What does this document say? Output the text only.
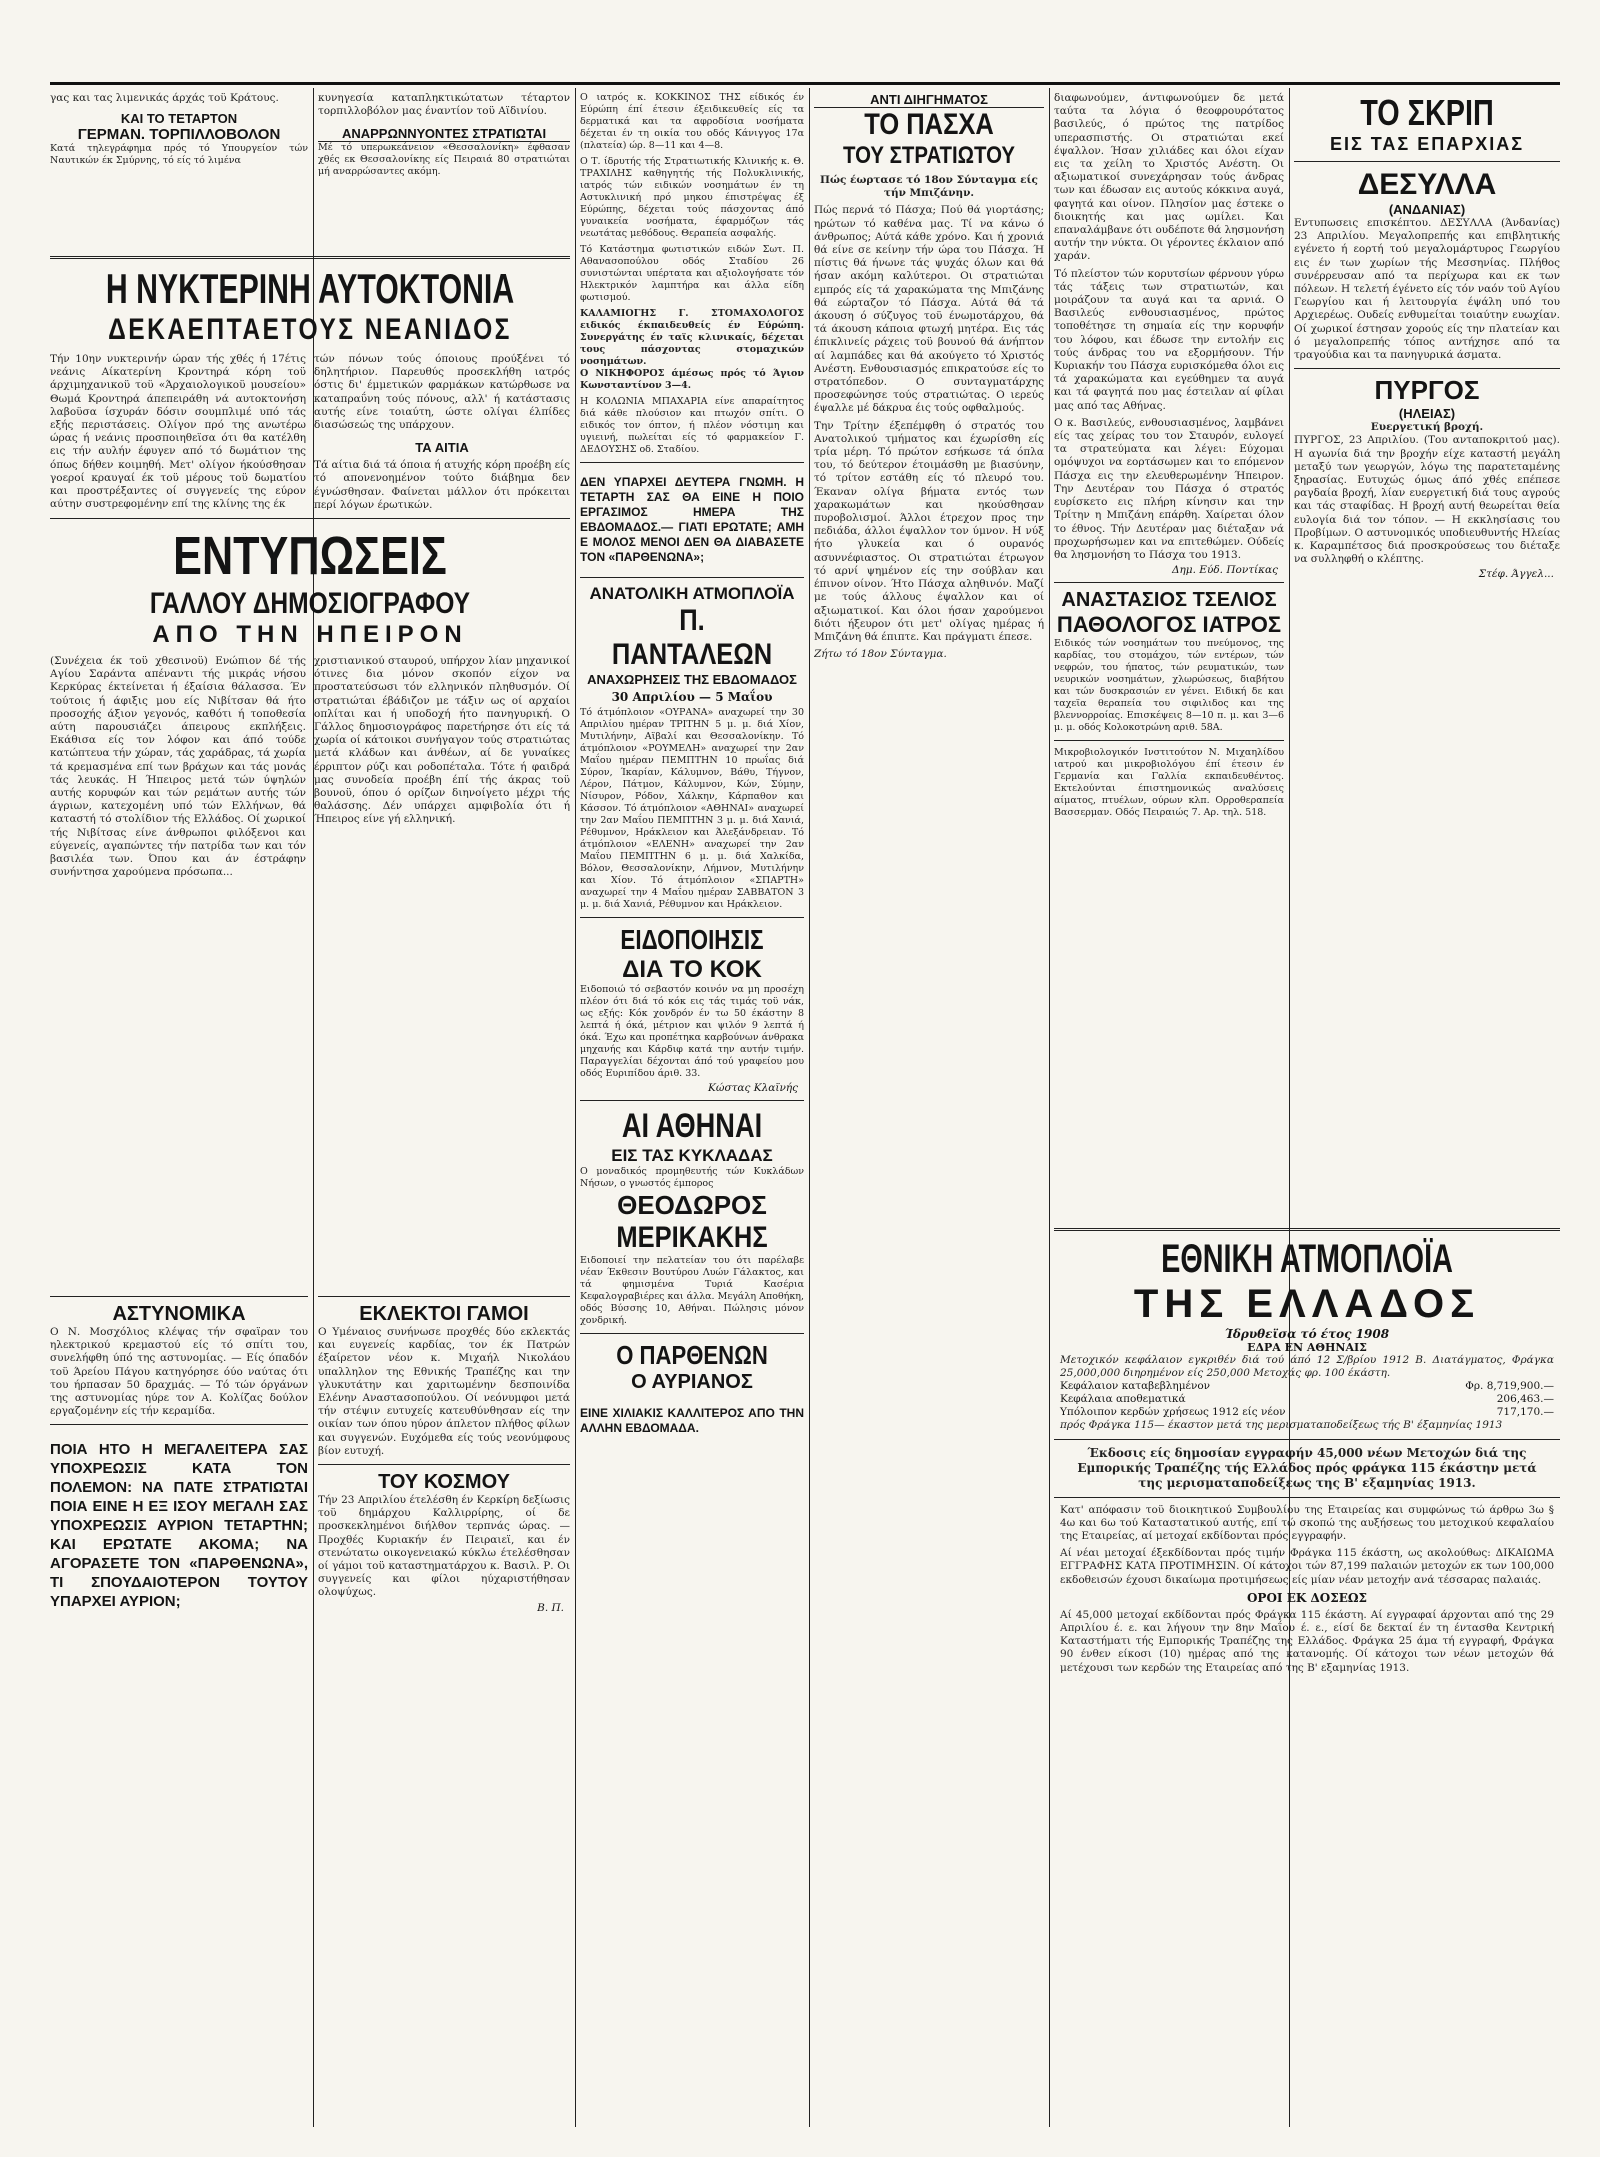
γας και τας λιμενικάς άρχάς τοϋ Κράτους.

ΚΑΙ ΤΟ ΤΕΤΑΡΤΟΝ
ΓΕΡΜΑΝ. ΤΟΡΠΙΛΛΟΒΟΛΟΝ

Κατά τηλεγράφημα πρός τό Υπουργείον τών Ναυτικών έκ Σμύρνης, τό είς τό λιμένα

κυνηγεσία καταπληκτικώτατων τέταρτον τορπιλλοβόλον μας έναντίον τοϋ Αϊδινίου.

ΑΝΑΡΡΩΝΝΥΟΝΤΕΣ ΣΤΡΑΤΙΩΤΑΙ

Μέ τό υπερωκεάνειον «Θεσσαλονίκη» έφθασαν χθές εκ Θεσσαλονίκης είς Πειραιά 80 στρατιώται μή αναρρώσαντες ακόμη.

Η ΝΥΚΤΕΡΙΝΗ ΑΥΤΟΚΤΟΝΙΑ
ΔΕΚΑΕΠΤΑΕΤΟΥΣ ΝΕΑΝΙΔΟΣ

Τήν 10ην νυκτερινήν ώραν τής χθές ή 17έτις νεάνις Αίκατερίνη Κροντηρά κόρη τοϋ άρχιμηχανικοϋ τοϋ «Άρχαιολογικοϋ μουσείου» Θωμά Κροντηρά άπεπειράθη νά αυτοκτονήση λαβοϋσα ίσχυράν δόσιν σουμπλιμέ υπό τάς εξής περιστάσεις. Ολίγον πρό της ανωτέρω ώρας ή νεάνις προσποιηθεϊσα ότι θα κατέλθη εις τήν αυλήν έφυγεν από τό δωμάτιον της όπως δήθεν κοιμηθή. Μετ' ολίγον ήκούσθησαν γοεροί κραυγαί έκ τοϋ μέρους τοϋ δωματίου και προστρέξαντες οί συγγενείς της εύρον αύτην συστρεφομένην επί της κλίνης της έκ

τών πόνων τούς όποιους προύξένει τό δηλητήριον. Παρευθύς προσεκλήθη ιατρός όστις δι' έμμετικών φαρμάκων κατώρθωσε να καταπραΰνη τούς πόνους, αλλ' ή κατάστασις αυτής είνε τοιαύτη, ώστε ολίγαι έλπίδες διασώσεώς της υπάρχουν.

ΤΑ ΑΙΤΙΑ

Τά αίτια διά τά όποια ή ατυχής κόρη προέβη είς τό απονενοημένον τούτο διάβημα δεν έγνώσθησαν. Φαίνεται μάλλον ότι πρόκειται περί λόγων έρωτικών.

ΕΝΤΥΠΩΣΕΙΣ
ΓΑΛΛΟΥ ΔΗΜΟΣΙΟΓΡΑΦΟΥ
ΑΠΟ ΤΗΝ ΗΠΕΙΡΟΝ

(Συνέχεια έκ τοϋ χθεσινοϋ) Ενώπιον δέ τής Αγίου Σαράντα απέναντι τής μικράς νήσου Κερκύρας έκτείνεται ή έξαίσια θάλασσα. Έν τούτοις ή άφιξις μου είς Νιβίτσαν θά ήτο προσοχής άξιον γεγονός, καθότι ή τοποθεσία αύτη παρουσιάζει άπειρους εκπλήξεις. Εκάθισα είς τον λόφον και άπό τούδε κατώπτευα τήν χώραν, τάς χαράδρας, τά χωρία τά κρεμασμένα επί των βράχων και τάς μονάς τάς λευκάς. Η Ήπειρος μετά τών ύψηλών αυτής κορυφών και τών ρεμάτων αυτής τών άγριων, κατεχομένη υπό τών Ελλήνων, θά καταστή τό στολίδιον τής Ελλάδος. Οί χωρικοί τής Νιβίτσας είνε άνθρωποι φιλόξενοι και εύγενείς, αγαπώντες τήν πατρίδα των και τόν βασιλέα των. Όπου και άν έστράφην συνήντησα χαρούμενα πρόσωπα...

χριστιανικού σταυρού, υπήρχον λίαν μηχανικοί ότινες δια μόνον σκοπόν είχον να προστατεύσωσι τόν ελληνικόν πληθυσμόν. Οί στρατιώται έβάδιζον με τάξιν ως οί αρχαίοι οπλίται και ή υποδοχή ήτο πανηγυρική. Ο Γάλλος δημοσιογράφος παρετήρησε ότι είς τά χωρία οί κάτοικοι συνήγαγον τούς στρατιώτας μετά κλάδων και άνθέων, αί δε γυναίκες έρριπτον ρύζι και ροδοπέταλα. Τότε ή φαιδρά μας συνοδεία προέβη έπί τής άκρας τοϋ βουνοϋ, όπου ό ορίζων διηνοίγετο μέχρι τής θαλάσσης. Δέν υπάρχει αμφιβολία ότι ή Ήπειρος είνε γή ελληνική.

ΑΣΤΥΝΟΜΙΚΑ

Ο Ν. Μοσχόλιος κλέψας τήν σφαϊραν του ηλεκτρικού κρεμαστού είς τό σπίτι του, συνελήφθη ύπό της αστυνομίας. — Είς όπαδόν τοϋ Άρείου Πάγου κατηγόρησε όύο ναύτας ότι του ήρπασαν 50 δραχμάς. — Τό τών όργάνων της αστυνομίας ηύρε τον Α. Κολίζας δούλον εργαζομένην είς τήν κεραμίδα.

ΠΟΙΑ ΗΤΟ Η ΜΕΓΑΛΕΙΤΕΡΑ ΣΑΣ ΥΠΟΧΡΕΩΣΙΣ ΚΑΤΑ ΤΟΝ ΠΟΛΕΜΟΝ: ΝΑ ΠΑΤΕ ΣΤΡΑΤΙΩΤΑΙ ΠΟΙΑ ΕΙΝΕ Η ΕΞ ΙΣΟΥ ΜΕΓΑΛΗ ΣΑΣ ΥΠΟΧΡΕΩΣΙΣ ΑΥΡΙΟΝ ΤΕΤΑΡΤΗΝ; ΚΑΙ ΕΡΩΤΑΤΕ ΑΚΟΜΑ; ΝΑ ΑΓΟΡΑΣΕΤΕ ΤΟΝ «ΠΑΡΘΕΝΩΝΑ», ΤΙ ΣΠΟΥΔΑΙΟΤΕΡΟΝ ΤΟΥΤΟΥ ΥΠΑΡΧΕΙ ΑΥΡΙΟΝ;

ΕΚΛΕΚΤΟΙ ΓΑΜΟΙ

Ο Υμέναιος συνήνωσε προχθές δύο εκλεκτάς και ευγενείς καρδίας, τον έκ Πατρών έξαίρετον νέον κ. Μιχαήλ Νικολάου υπαλληλον της Εθνικής Τραπέζης και την γλυκυτάτην και χαριτωμένην δεσποινίδα Ελένην Αναστασοπούλου. Οί νεόνυμφοι μετά τήν στέψιν ευτυχείς κατευθύνθησαν είς την οικίαν των όπου ηύρον άπλετον πλήθος φίλων και συγγενών. Ευχόμεθα είς τούς νεονύμφους βίον ευτυχή.

ΤΟΥ ΚΟΣΜΟΥ

Τήν 23 Απριλίου έτελέσθη έν Κερκίρη δεξίωσις τοϋ δημάρχου Καλλιρρίρης, οί δε προσκεκλημένοι διήλθον τερπνάς ώρας. — Προχθές Κυριακήν έν Πειραιεϊ, και έν στενώτατω οικογενειακώ κύκλω έτελέσθησαν οί γάμοι τοϋ καταστηματάρχου κ. Βασιλ. Ρ. Οι συγγενείς και φίλοι ηύχαριστήθησαν ολοψύχως.

Β. Π.

Ο ιατρός κ. ΚΟΚΚΙΝΟΣ ΤΗΣ είδικός έν Εύρώπη έπί έτεσιν έξειδικευθείς είς τα δερματικά και τα αφροδίσια νοσήματα δέχεται έν τη οικία του οδός Κάνιγγος 17α (πλατεία) ώρ. 8—11 και 4—8.

Ο Τ. ίδρυτής τής Στρατιωτικής Κλινικής κ. Θ. ΤΡΑΧΙΛΗΣ καθηγητής τής Πολυκλινικής, ιατρός τών ειδικών νοσημάτων έν τη Αστυκλινική πρό μηκου έπιστρέψας έξ Εύρώπης, δέχεται τούς πάσχοντας άπό γυναικεία νοσήματα, έφαρμόζων τάς νεωτάτας μεθόδους. Θεραπεία ασφαλής.

Τό Κατάστημα φωτιστικών ειδών Σωτ. Π. Αθανασοπούλου οδός Σταδίου 26 συνιστώνται υπέρτατα και αξιολογήσατε τόν Ηλεκτρικόν λαμπτήρα και άλλα είδη φωτισμού.

ΚΑΛΑΜΙΟΓΗΣ Γ. ΣΤΟΜΑΧΟΛΟΓΟΣ ειδικός έκπαιδευθείς έν Εύρώπη. Συνεργάτης έν ταϊς κλινικαίς, δέχεται τους πάσχοντας στομαχικών νοσημάτων.

Ο ΝΙΚΗΦΟΡΟΣ άμέσως πρός τό Άγιον Κωνσταντίνον 3—4.

Η ΚΟΛΩΝΙΑ ΜΠΑΧΑΡΙΑ είνε απαραίτητος διά κάθε πλούσιον και πτωχόν σπίτι. Ο ειδικός τον όπτον, ή πλέον νόστιμη και υγιεινή, πωλείται είς τό φαρμακείον Γ. ΔΕΔΟΥΣΗΣ οδ. Σταδίου.

ΔΕΝ ΥΠΑΡΧΕΙ ΔΕΥΤΕΡΑ ΓΝΩΜΗ. Η ΤΕΤΑΡΤΗ ΣΑΣ ΘΑ ΕΙΝΕ Η ΠΟΙΟ ΕΡΓΑΣΙΜΟΣ ΗΜΕΡΑ ΤΗΣ ΕΒΔΟΜΑΔΟΣ.— ΓΙΑΤΙ ΕΡΩΤΑΤΕ; ΑΜΗ Ε ΜΟΛΟΣ ΜΕΝΟΙ ΔΕΝ ΘΑ ΔΙΑΒΑΣΕΤΕ ΤΟΝ «ΠΑΡΘΕΝΩΝΑ»;

ΑΝΑΤΟΛΙΚΗ ΑΤΜΟΠΛΟΪΑ
Π. ΠΑΝΤΑΛΕΩΝ
ΑΝΑΧΩΡΗΣΕΙΣ ΤΗΣ ΕΒΔΟΜΑΔΟΣ
30 Απριλίου — 5 Μαΐου

Τό άτμόπλοιον «ΟΥΡΑΝΑ» αναχωρεί την 30 Απριλίου ημέραν ΤΡΙΤΗΝ 5 μ. μ. διά Χίον, Μυτιλήνην, Αϊβαλί και Θεσσαλονίκην. Τό άτμόπλοιον «ΡΟΥΜΕΛΗ» αναχωρεί την 2αν Μαΐου ημέραν ΠΕΜΠΤΗΝ 10 πρωΐας διά Σύρον, Ίκαρίαν, Κάλυμνον, Βάθυ, Τήγνον, Λέρον, Πάτμον, Κάλυμνον, Κών, Σύμην, Νίσυρον, Ρόδον, Χάλκην, Κάρπαθον και Κάσσον. Τό άτμόπλοιον «ΑΘΗΝΑΙ» αναχωρεί την 2αν Μαΐου ΠΕΜΠΤΗΝ 3 μ. μ. διά Χανιά, Ρέθυμνον, Ηράκλειον και Άλεξάνδρειαν. Τό άτμόπλοιον «ΕΛΕΝΗ» αναχωρεί την 2αν Μαΐου ΠΕΜΠΤΗΝ 6 μ. μ. διά Χαλκίδα, Βόλον, Θεσσαλονίκην, Λήμνον, Μυτιλήνην και Χίον. Τό άτμόπλοιον «ΣΠΑΡΤΗ» αναχωρεί την 4 Μαΐου ημέραν ΣΑΒΒΑΤΟΝ 3 μ. μ. διά Χανιά, Ρέθυμνον και Ηράκλειον.

ΕΙΔΟΠΟΙΗΣΙΣ
ΔΙΑ ΤΟ ΚΟΚ

Ειδοποιώ τό σεβαστόν κοινόν να μη προσέχη πλέον ότι διά τό κόκ εις τάς τιμάς τοϋ νάκ, ως εξής: Κόκ χονδρόν έν τω 50 έκάστην 8 λεπτά ή όκά, μέτριον και ψιλόν 9 λεπτά ή όκά. Έχω και προπέτηκα καρβούνων άνθρακα μηχανής και Κάρδιφ κατά την αυτήν τιμήν. Παραγγελίαι δέχονται άπό τού γραφείου μου οδός Ευριπίδου άριθ. 33.

Κώστας Κλαϊνής
ΑΙ ΑΘΗΝΑΙ
ΕΙΣ ΤΑΣ ΚΥΚΛΑΔΑΣ

Ο μοναδικός προμηθευτής τών Κυκλάδων Νήσων, ο γνωστός έμπορος

ΘΕΟΔΩΡΟΣ
ΜΕΡΙΚΑΚΗΣ

Ειδοποιεί την πελατείαν του ότι παρέλαβε νέαν Έκθεσιν Βουτύρου Λυών Γάλακτος, και τά φημισμένα Τυριά Κασέρια Κεφαλογραβιέρες και άλλα. Μεγάλη Αποθήκη, οδός Βύσσης 10, Αθήναι. Πώλησις μόνον χονδρική.

Ο ΠΑΡΘΕΝΩΝ
Ο ΑΥΡΙΑΝΟΣ

ΕΙΝΕ ΧΙΛΙΑΚΙΣ ΚΑΛΛΙΤΕΡΟΣ ΑΠΟ ΤΗΝ ΑΛΛΗΝ ΕΒΔΟΜΑΔΑ.

ΑΝΤΙ ΔΙΗΓΗΜΑΤΟΣ
ΤΟ ΠΑΣΧΑ
ΤΟΥ ΣΤΡΑΤΙΩΤΟΥ

Πώς έωρτασε τό 18ον Σύνταγμα είς τήν Μπιζάνην.

Πώς περνά τό Πάσχα; Πού θά γιορτάσης; ηρώτων τό καθένα μας. Τί να κάνω ό άνθρωπος; Αύτά κάθε χρόνο. Και ή χρονιά θά είνε σε κείνην τήν ώρα του Πάσχα. Ή πίστις θά ήνωνε τάς ψυχάς όλων και θά ήσαν ακόμη καλύτεροι. Οι στρατιώται εμπρός είς τά χαρακώματα της Μπιζάνης θά εώρταζον τό Πάσχα. Αύτά θά τά άκουση ό σύζυγος τοϋ ένωμοτάρχου, θά τά άκουση κάποια φτωχή μητέρα. Εις τάς έπικλινείς ράχεις τοϋ βουνού θά άνήπτον αί λαμπάδες και θά ακούγετο τό Χριστός Ανέστη. Ενθουσιασμός επικρατούσε είς το στρατόπεδον. Ο συνταγματάρχης προσεφώνησε τούς στρατιώτας. Ο ιερεύς έψαλλε μέ δάκρυα έις τούς οφθαλμούς.

Την Τρίτην έξεπέμφθη ό στρατός του Ανατολικού τμήματος και έχωρίσθη είς τρία μέρη. Τό πρώτον εσήκωσε τά όπλα του, τό δεύτερον έτοιμάσθη με βιασύνην, τό τρίτον εστάθη είς τό πλευρό του. Έκαναν ολίγα βήματα εντός των χαρακωμάτων και ηκούσθησαν πυροβολισμοί. Άλλοι έτρεχον προς την πεδιάδα, άλλοι έψαλλον τον ύμνον. Η νύξ ήτο γλυκεία και ό ουρανός ασυννέφιαστος. Οι στρατιώται έτρωγον τό αρνί ψημένον είς την σούβλαν και έπινον οίνον. Ήτο Πάσχα αληθινόν. Μαζί με τούς άλλους έψαλλον και οί αξιωματικοί. Και όλοι ήσαν χαρούμενοι διότι ήξευρον ότι μετ' ολίγας ημέρας ή Μπιζάνη θά έπιπτε. Και πράγματι έπεσε.

Ζήτω τό 18ον Σύνταγμα.

διαφωνούμεν, άντιφωνούμεν δε μετά ταύτα τα λόγια ό θεοφρουρότατος βασιλεύς, ό πρώτος της πατρίδος υπερασπιστής. Οι στρατιώται εκεί έψαλλον. Ήσαν χιλιάδες και όλοι είχαν εις τα χείλη το Χριστός Ανέστη. Οι αξιωματικοί συνεχάρησαν τούς άνδρας των και έδωσαν εις αυτούς κόκκινα αυγά, φαγητά και οίνον. Πλησίον μας έστεκε ο διοικητής και μας ωμίλει. Και επαναλάμβανε ότι ουδέποτε θά λησμονήση αυτήν την νύκτα. Οι γέροντες έκλαιον από χαράν.

Τό πλείστον τών κορυτσίων φέρνουν γύρω τάς τάξεις των στρατιωτών, και μοιράζουν τα αυγά και τα αρνιά. Ο Βασιλεύς ενθουσιασμένος, πρώτος τοποθέτησε τη σημαία είς την κορυφήν του λόφου, και έδωσε την εντολήν εις τούς άνδρας του να εξορμήσουν. Τήν Κυριακήν του Πάσχα ευρισκόμεθα όλοι εις τά χαρακώματα και εγεύθημεν τα αυγά και τά φαγητά που μας έστειλαν αί φίλαι μας από τας Αθήνας.

Ο κ. Βασιλεύς, ενθουσιασμένος, λαμβάνει είς τας χείρας του τον Σταυρόν, ευλογεί τα στρατεύματα και λέγει: Εύχομαι ομόψυχοι να εορτάσωμεν και το επόμενον Πάσχα εις την ελευθερωμένην Ήπειρον. Την Δευτέραν του Πάσχα ό στρατός ευρίσκετο εις πλήρη κίνησιν και την Τρίτην η Μπιζάνη επάρθη. Χαίρεται όλον το έθνος. Τήν Δευτέραν μας διέταξαν νά προχωρήσωμεν και να επιτεθώμεν. Ούδείς θα λησμονήση το Πάσχα του 1913.

Δημ. Εύδ. Ποντίκας
ΑΝΑΣΤΑΣΙΟΣ ΤΣΕΛΙΟΣ
ΠΑΘΟΛΟΓΟΣ ΙΑΤΡΟΣ

Ειδικός τών νοσημάτων του πνεύμονος, της καρδίας, του στομάχου, τών εντέρων, τών νεφρών, του ήπατος, τών ρευματικών, των νευρικών νοσημάτων, χλωρώσεως, διαβήτου και τών δυσκρασιών εν γένει. Ειδική δε και ταχεϊα θεραπεία του σιφιλιδος και της βλεννορροίας. Επισκέψεις 8—10 π. μ. και 3—6 μ. μ. οδός Κολοκοτρώνη αριθ. 58Α.

Μικροβιολογικόν Ινστιτούτον Ν. Μιχαηλίδου ιατρού και μικροβιολόγου έπί έτεσιν έν Γερμανία και Γαλλία εκπαιδευθέντος. Εκτελούνται έπιστημονικώς αναλύσεις αίματος, πτυέλων, ούρων κλπ. Ορροθεραπεία Βασσερμαν. Οδός Πειραιώς 7. Αρ. τηλ. 518.

ΤΟ ΣΚΡΙΠ
ΕΙΣ ΤΑΣ ΕΠΑΡΧΙΑΣ
ΔΕΣΥΛΛΑ
(ΑΝΔΑΝΙΑΣ)

Εντυπωσεις επισκέπτου. ΔΕΣΥΛΛΑ (Άνδανίας) 23 Απριλίου. Μεγαλοπρεπής και επιβλητικής εγένετο ή εορτή τού μεγαλομάρτυρος Γεωργίου εις έν των χωρίων τής Μεσσηνίας. Πλήθος συνέρρευσαν από τα περίχωρα και εκ των πόλεων. Η τελετή έγένετο είς τόν ναόν τοϋ Αγίου Γεωργίου και ή λειτουργία έψάλη υπό του Αρχιερέως. Ουδείς ενθυμείται τοιαύτην ευωχίαν. Οί χωρικοί έστησαν χορούς είς την πλατείαν και ό μεγαλοπρεπής τόπος αντήχησε από τα τραγούδια και τα πανηγυρικά άσματα.

ΠΥΡΓΟΣ
(ΗΛΕΙΑΣ)

Ευεργετική βροχή.

ΠΥΡΓΟΣ, 23 Απριλίου. (Του ανταποκριτού μας). Η αγωνία διά την βροχήν είχε καταστή μεγάλη μεταξύ των γεωργών, λόγω της παρατεταμένης ξηρασίας. Ευτυχώς όμως άπό χθές επέπεσε ραγδαία βροχή, λίαν ευεργετική διά τους αγρούς και τάς σταφίδας. Η βροχή αυτή θεωρείται θεία ευλογία διά τον τόπον. — Η εκκλησίασις του Προβίμων. Ο αστυνομικός υποδιευθυντής Ηλείας κ. Καραμπέτσος διά προσκρούσεως του διέταξε να συλληφθή ο κλέπτης.

Στέφ. Άγγελ...
ΕΘΝΙΚΗ ΑΤΜΟΠΛΟΪΑ
ΤΗΣ ΕΛΛΑΔΟΣ
Ίδρυθεϊσα τό έτος 1908
ΕΔΡΑ ΕΝ ΑΘΗΝΑΙΣ

Μετοχικόν κεφάλαιον εγκριθέν διά τού άπό 12 Σ/βρίου 1912 Β. Διατάγματος, Φράγκα 25,000,000 διηρημένον είς 250,000 Μετοχάς φρ. 100 έκάστη.

Κεφάλαιον καταβεβλημένον	Φρ. 8,719,900.—
Κεφάλαια αποθεματικά	206,463.—
Υπόλοιπον κερδών χρήσεως 1912 είς νέον	717,170.—

πρός Φράγκα 115— έκαστον μετά της μερισματαποδείξεως τής Β' έξαμηνίας 1913

Έκδοσις είς δημοσίαν εγγραφήν 45,000 νέων Μετοχών διά της Εμπορικής Τραπέζης τής Ελλάδος πρός φράγκα 115 έκάστην μετά της μερισματαποδείξεως της Β' εξαμηνίας 1913.

Κατ' απόφασιν τοϋ διοικητικού Συμβουλίου της Εταιρείας και συμφώνως τώ άρθρω 3ω § 4ω και 6ω τού Καταστατικού αυτής, επί τώ σκοπώ της αυξήσεως του μετοχικού κεφαλαίου της Εταιρείας, αί μετοχαί εκδίδονται πρός εγγραφήν.

Αί νέαι μετοχαί έξεκδίδονται πρός τιμήν Φράγκα 115 έκάστη, ως ακολούθως: ΔΙΚΑΙΩΜΑ ΕΓΓΡΑΦΗΣ ΚΑΤΑ ΠΡΟΤΙΜΗΣΙΝ. Οί κάτοχοι τών 87,199 παλαιών μετοχών εκ των 100,000 εκδοθεισών έχουσι δικαίωμα προτιμήσεως είς μίαν νέαν μετοχήν ανά τέσσαρας παλαιάς.

ΟΡΟΙ ΕΚ ΔΟΣΕΩΣ

Αί 45,000 μετοχαί εκδίδονται πρός Φράγκα 115 έκάστη. Αί εγγραφαί άρχονται από της 29 Απριλίου έ. ε. και λήγουν την 8ην Μαΐου έ. ε., είσί δε δεκταί έν τη έντασθα Κεντρική Καταστήματι τής Εμπορικής Τραπέζης της Ελλάδος. Φράγκα 25 άμα τή εγγραφή, Φράγκα 90 ένθεν είκοσι (10) ημέρας από της κατανομής. Οί κάτοχοι των νέων μετοχών θά μετέχουσι των κερδών της Εταιρείας από της Β' εξαμηνίας 1913.
